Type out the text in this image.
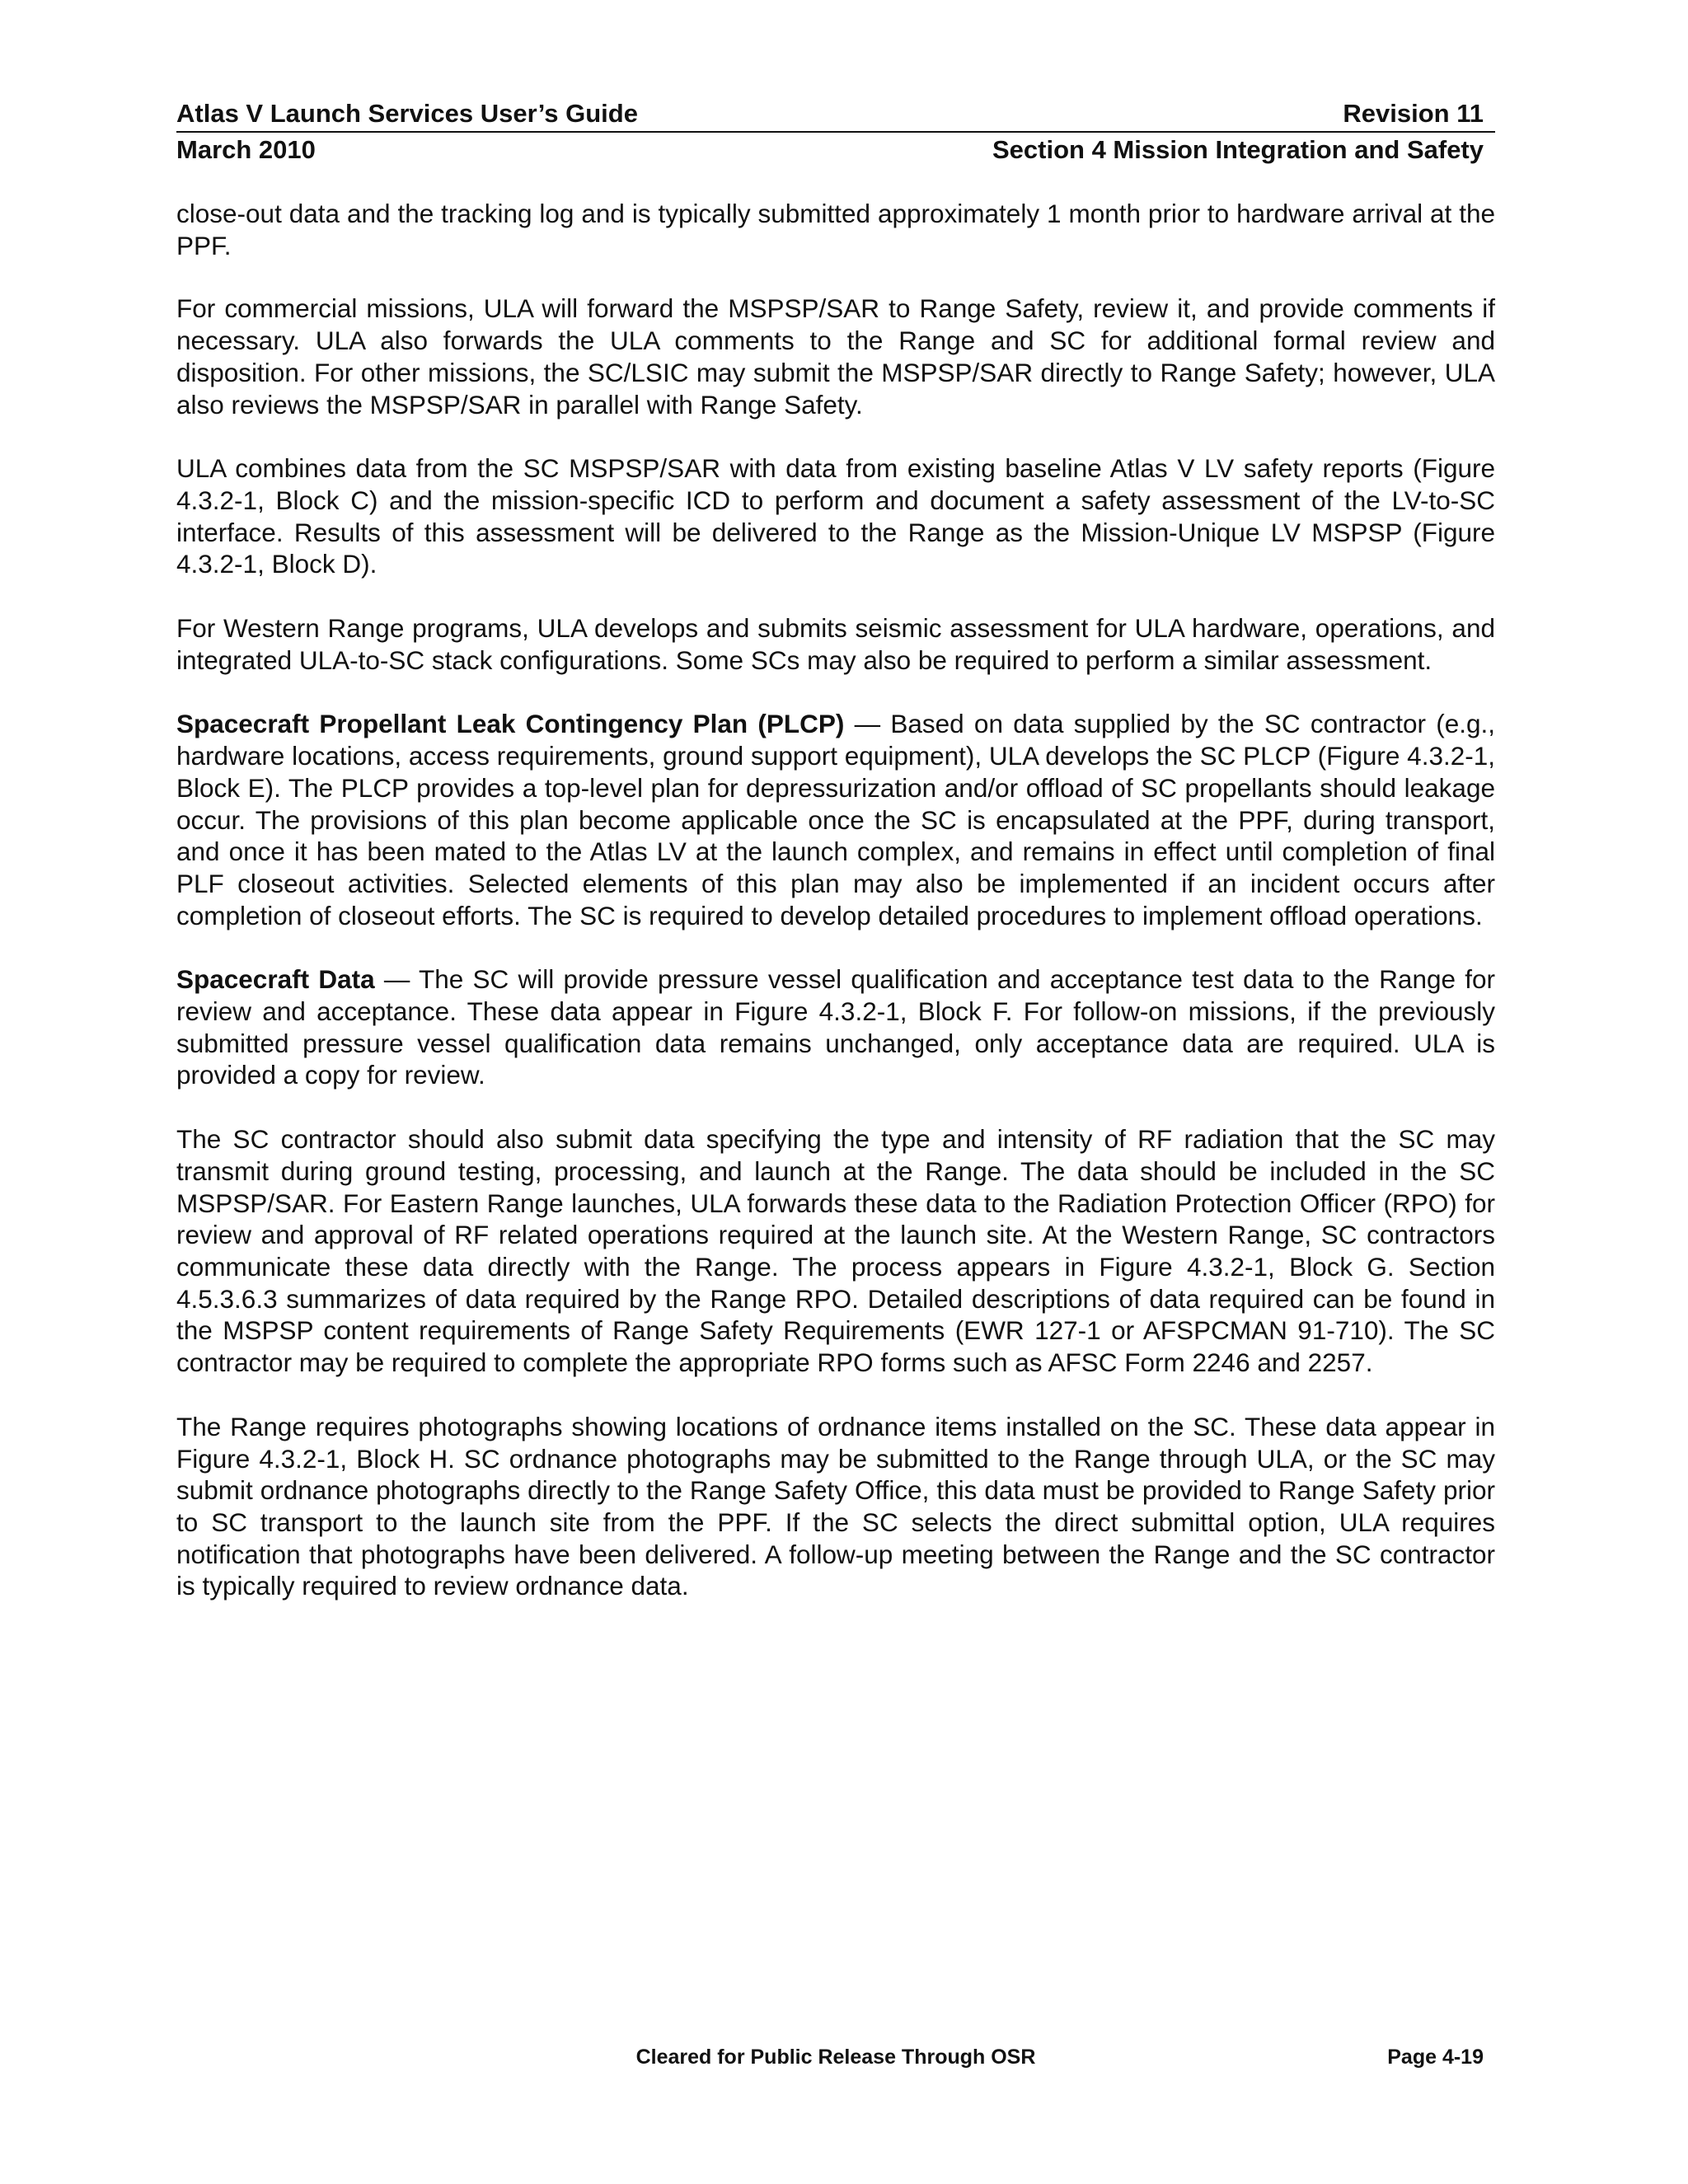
Atlas V Launch Services User’s Guide	Revision 11
March 2010	Section 4 Mission Integration and Safety

close-out data and the tracking log and is typically submitted approximately 1 month prior to hardware arrival at the PPF.

For commercial missions, ULA will forward the MSPSP/SAR to Range Safety, review it, and provide comments if necessary. ULA also forwards the ULA comments to the Range and SC for additional formal review and disposition. For other missions, the SC/LSIC may submit the MSPSP/SAR directly to Range Safety; however, ULA also reviews the MSPSP/SAR in parallel with Range Safety.

ULA combines data from the SC MSPSP/SAR with data from existing baseline Atlas V LV safety reports (Figure 4.3.2-1, Block C) and the mission-specific ICD to perform and document a safety assessment of the LV-to-SC interface. Results of this assessment will be delivered to the Range as the Mission-Unique LV MSPSP (Figure 4.3.2-1, Block D).

For Western Range programs, ULA develops and submits seismic assessment for ULA hardware, operations, and integrated ULA-to-SC stack configurations. Some SCs may also be required to perform a similar assessment.

Spacecraft Propellant Leak Contingency Plan (PLCP) — Based on data supplied by the SC contractor (e.g., hardware locations, access requirements, ground support equipment), ULA develops the SC PLCP (Figure 4.3.2-1, Block E). The PLCP provides a top-level plan for depressurization and/or offload of SC propellants should leakage occur. The provisions of this plan become applicable once the SC is encapsulated at the PPF, during transport, and once it has been mated to the Atlas LV at the launch complex, and remains in effect until completion of final PLF closeout activities. Selected elements of this plan may also be implemented if an incident occurs after completion of closeout efforts. The SC is required to develop detailed procedures to implement offload operations.

Spacecraft Data — The SC will provide pressure vessel qualification and acceptance test data to the Range for review and acceptance. These data appear in Figure 4.3.2-1, Block F. For follow-on missions, if the previously submitted pressure vessel qualification data remains unchanged, only acceptance data are required. ULA is provided a copy for review.

The SC contractor should also submit data specifying the type and intensity of RF radiation that the SC may transmit during ground testing, processing, and launch at the Range. The data should be included in the SC MSPSP/SAR. For Eastern Range launches, ULA forwards these data to the Radiation Protection Officer (RPO) for review and approval of RF related operations required at the launch site. At the Western Range, SC contractors communicate these data directly with the Range. The process appears in Figure 4.3.2-1, Block G. Section 4.5.3.6.3 summarizes of data required by the Range RPO. Detailed descriptions of data required can be found in the MSPSP content requirements of Range Safety Requirements (EWR 127-1 or AFSPCMAN 91-710). The SC contractor may be required to complete the appropriate RPO forms such as AFSC Form 2246 and 2257.

The Range requires photographs showing locations of ordnance items installed on the SC. These data appear in Figure 4.3.2-1, Block H. SC ordnance photographs may be submitted to the Range through ULA, or the SC may submit ordnance photographs directly to the Range Safety Office, this data must be provided to Range Safety prior to SC transport to the launch site from the PPF. If the SC selects the direct submittal option, ULA requires notification that photographs have been delivered. A follow-up meeting between the Range and the SC contractor is typically required to review ordnance data.

Cleared for Public Release Through OSR	Page 4-19
